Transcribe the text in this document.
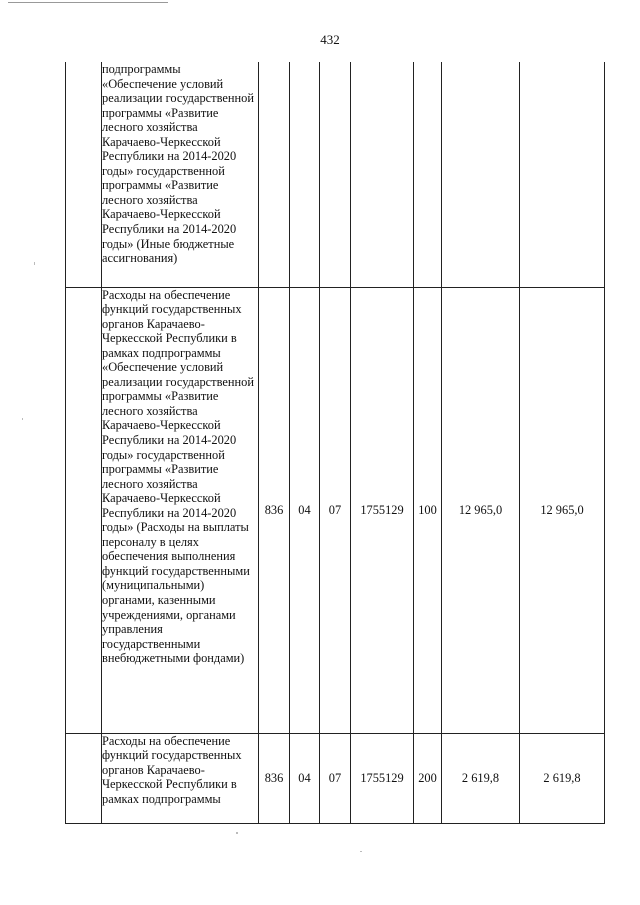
432
	подпрограммы «Обеспечение условий реализации государственной программы «Развитие лесного хозяйства Карачаево-Черкесской Республики на 2014-2020 годы» государственной программы «Развитие лесного хозяйства Карачаево-Черкесской Республики на 2014-2020 годы» (Иные бюджетные ассигнования)							
	Расходы на обеспечение функций государственных органов Карачаево-Черкесской Республики в рамках подпрограммы «Обеспечение условий реализации государственной программы «Развитие лесного хозяйства Карачаево-Черкесской Республики на 2014-2020 годы» государственной программы «Развитие лесного хозяйства Карачаево-Черкесской Республики на 2014-2020 годы» (Расходы на выплаты персоналу в целях обеспечения выполнения функций государственными (муниципальными) органами, казенными учреждениями, органами управления государственными внебюджетными фондами)	836	04	07	1755129	100	12 965,0	12 965,0
	Расходы на обеспечение функций государственных органов Карачаево-Черкесской Республики в рамках подпрограммы	836	04	07	1755129	200	2 619,8	2 619,8
